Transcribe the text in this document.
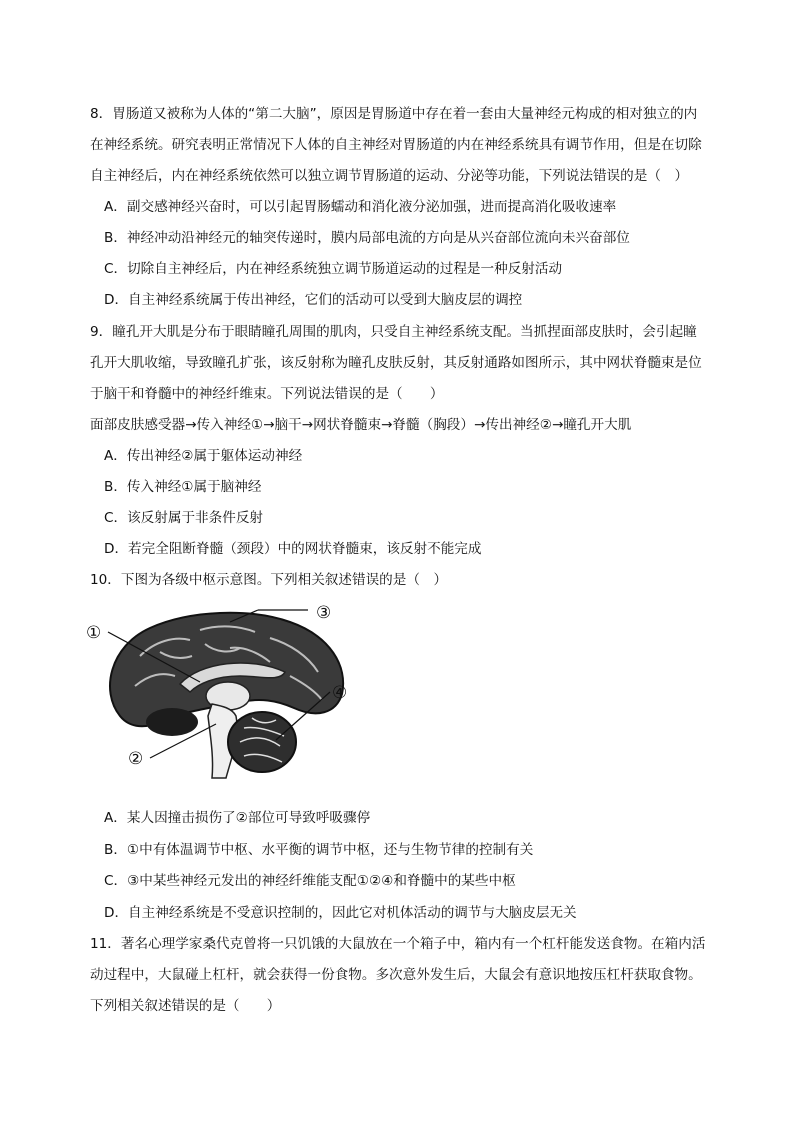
8．胃肠道又被称为人体的“第二大脑”，原因是胃肠道中存在着一套由大量神经元构成的相对独立的内
在神经系统。研究表明正常情况下人体的自主神经对胃肠道的内在神经系统具有调节作用，但是在切除
自主神经后，内在神经系统依然可以独立调节胃肠道的运动、分泌等功能，下列说法错误的是（　）
A．副交感神经兴奋时，可以引起胃肠蠕动和消化液分泌加强，进而提高消化吸收速率
B．神经冲动沿神经元的轴突传递时，膜内局部电流的方向是从兴奋部位流向未兴奋部位
C．切除自主神经后，内在神经系统独立调节肠道运动的过程是一种反射活动
D．自主神经系统属于传出神经，它们的活动可以受到大脑皮层的调控
9．瞳孔开大肌是分布于眼睛瞳孔周围的肌肉，只受自主神经系统支配。当抓捏面部皮肤时，会引起瞳
孔开大肌收缩，导致瞳孔扩张，该反射称为瞳孔皮肤反射，其反射通路如图所示，其中网状脊髓束是位
于脑干和脊髓中的神经纤维束。下列说法错误的是（　　）
面部皮肤感受器→传入神经①→脑干→网状脊髓束→脊髓（胸段）→传出神经②→瞳孔开大肌
A．传出神经②属于躯体运动神经
B．传入神经①属于脑神经
C．该反射属于非条件反射
D．若完全阻断脊髓（颈段）中的网状脊髓束，该反射不能完成
10．下图为各级中枢示意图。下列相关叙述错误的是（　）
①
②
③
④
A．某人因撞击损伤了②部位可导致呼吸骤停
B．①中有体温调节中枢、水平衡的调节中枢，还与生物节律的控制有关
C．③中某些神经元发出的神经纤维能支配①②④和脊髓中的某些中枢
D．自主神经系统是不受意识控制的，因此它对机体活动的调节与大脑皮层无关
11．著名心理学家桑代克曾将一只饥饿的大鼠放在一个箱子中，箱内有一个杠杆能发送食物。在箱内活
动过程中，大鼠碰上杠杆，就会获得一份食物。多次意外发生后，大鼠会有意识地按压杠杆获取食物。
下列相关叙述错误的是（　　）
